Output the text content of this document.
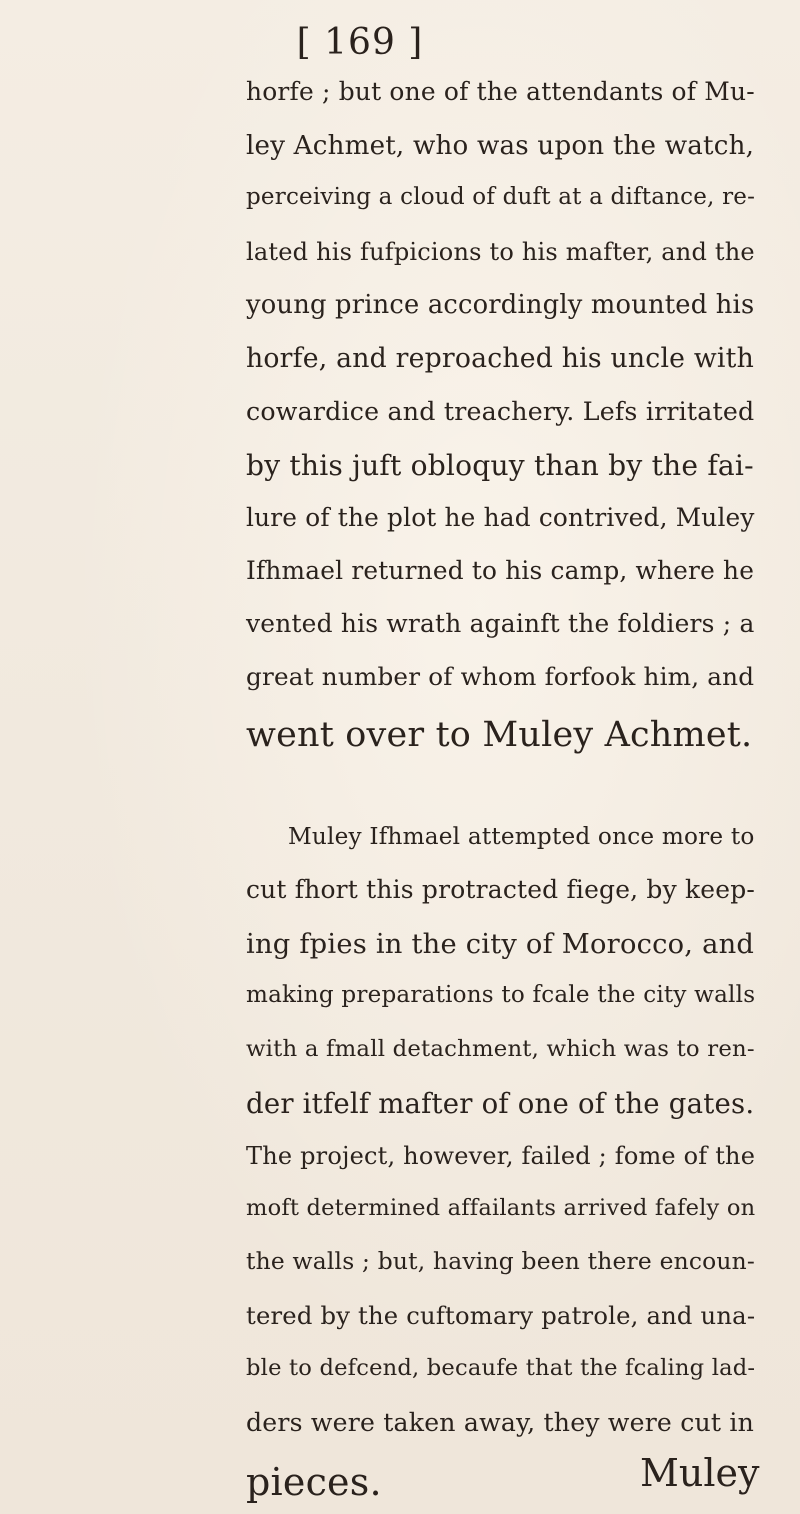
[ 169 ]
horfe ; but one of the attendants of Mu-
ley Achmet, who was upon the watch,
perceiving a cloud of duft at a diftance, re-
lated his fufpicions to his mafter, and the
young prince accordingly mounted his
horfe, and reproached his uncle with
cowardice and treachery. Lefs irritated
by this juft obloquy than by the fai-
lure of the plot he had contrived, Muley
Ifhmael returned to his camp, where he
vented his wrath againft the foldiers ; a
great number of whom forfook him, and
went over to Muley Achmet.
Muley Ifhmael attempted once more to
cut fhort this protracted fiege, by keep-
ing fpies in the city of Morocco, and
making preparations to fcale the city walls
with a fmall detachment, which was to ren-
der itfelf mafter of one of the gates.
The project, however, failed ; fome of the
moft determined affailants arrived fafely on
the walls ; but, having been there encoun-
tered by the cuftomary patrole, and una-
ble to defcend, becaufe that the fcaling lad-
ders were taken away, they were cut in
pieces.	Muley
